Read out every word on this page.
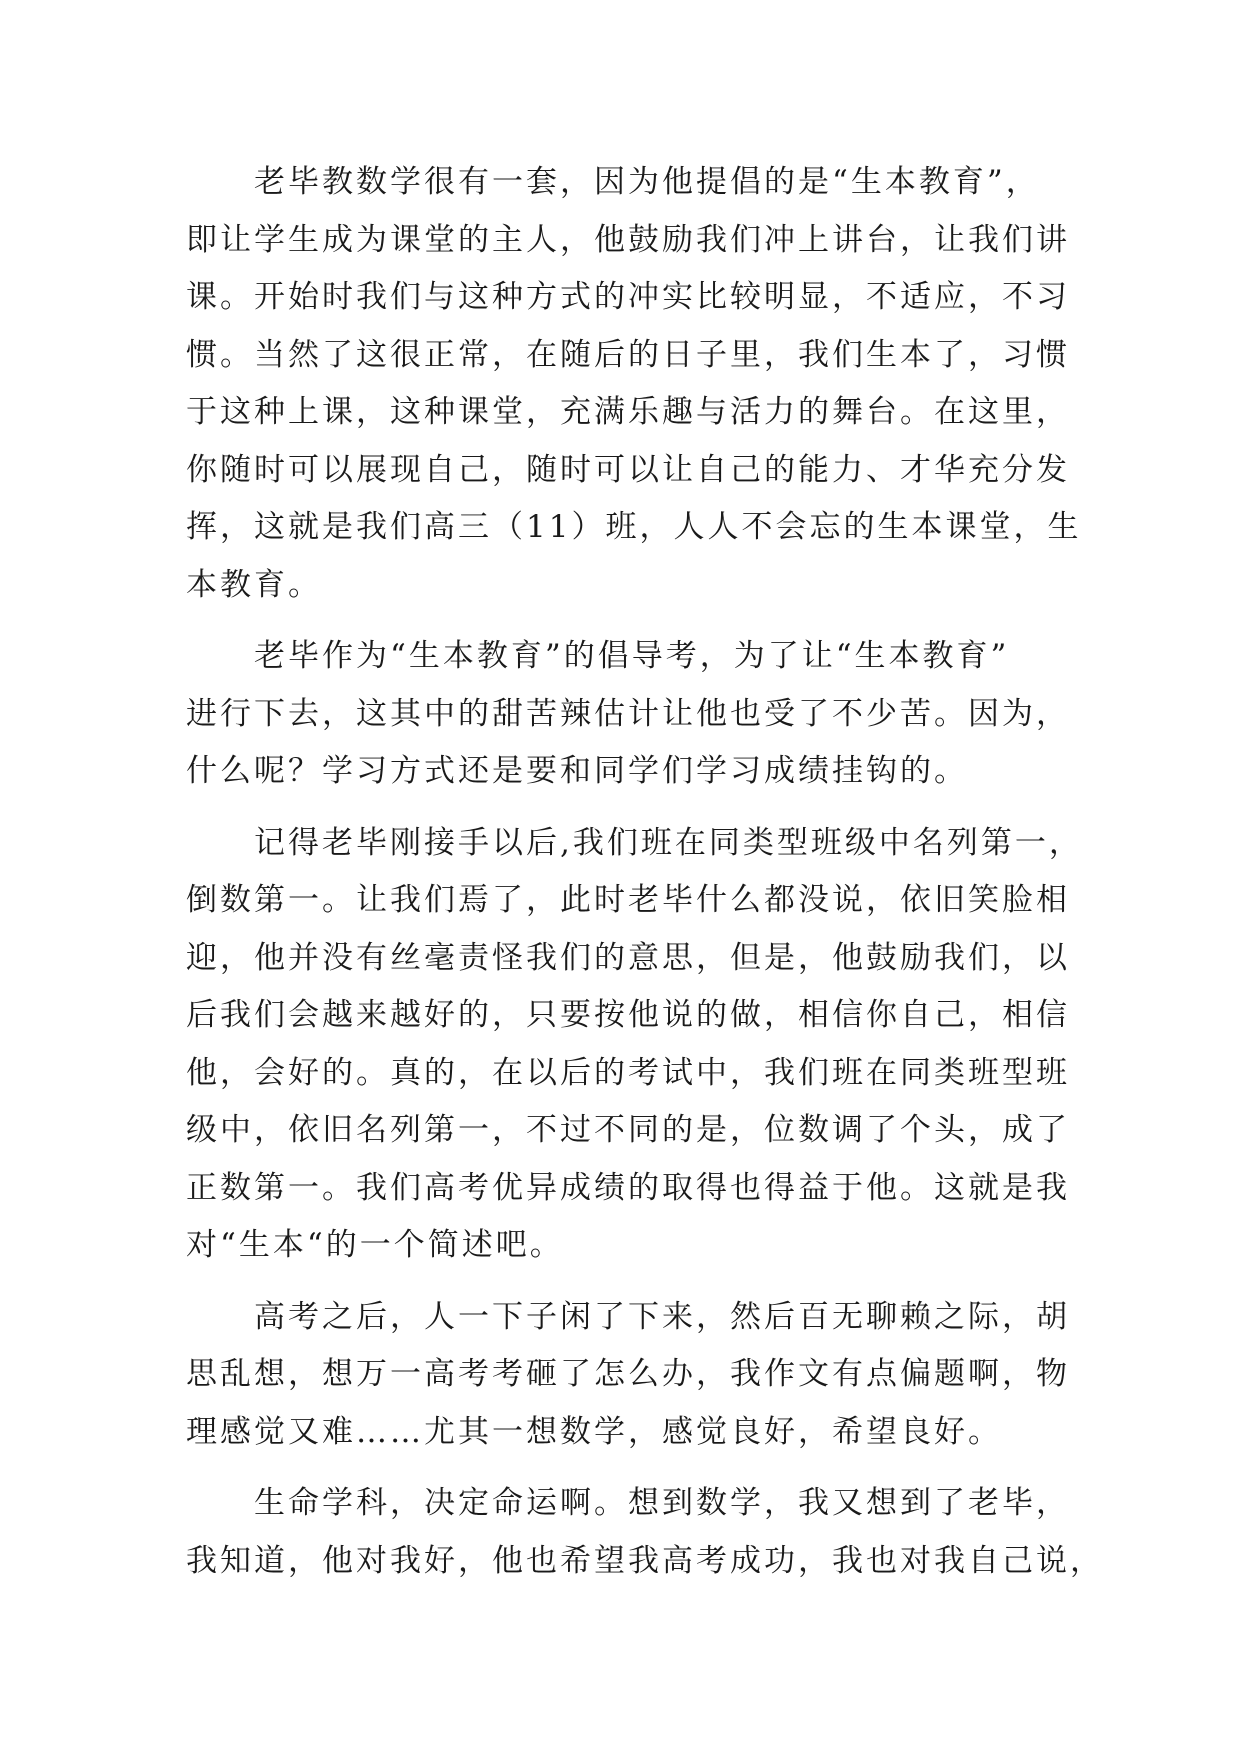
　　老毕教数学很有一套，因为他提倡的是“生本教育”，
即让学生成为课堂的主人，他鼓励我们冲上讲台，让我们讲
课。开始时我们与这种方式的冲实比较明显，不适应，不习
惯。当然了这很正常，在随后的日子里，我们生本了，习惯
于这种上课，这种课堂，充满乐趣与活力的舞台。在这里，
你随时可以展现自己，随时可以让自己的能力、才华充分发
挥，这就是我们高三（11）班，人人不会忘的生本课堂，生
本教育。
　　老毕作为“生本教育”的倡导考，为了让“生本教育”
进行下去，这其中的甜苦辣估计让他也受了不少苦。因为，
什么呢？学习方式还是要和同学们学习成绩挂钩的。
　　记得老毕刚接手以后,我们班在同类型班级中名列第一，
倒数第一。让我们焉了，此时老毕什么都没说，依旧笑脸相
迎，他并没有丝毫责怪我们的意思，但是，他鼓励我们，以
后我们会越来越好的，只要按他说的做，相信你自己，相信
他，会好的。真的，在以后的考试中，我们班在同类班型班
级中，依旧名列第一，不过不同的是，位数调了个头，成了
正数第一。我们高考优异成绩的取得也得益于他。这就是我
对“生本“的一个简述吧。
　　高考之后，人一下子闲了下来，然后百无聊赖之际，胡
思乱想，想万一高考考砸了怎么办，我作文有点偏题啊，物
理感觉又难……尤其一想数学，感觉良好，希望良好。
　　生命学科，决定命运啊。想到数学，我又想到了老毕，
我知道，他对我好，他也希望我高考成功，我也对我自己说，
